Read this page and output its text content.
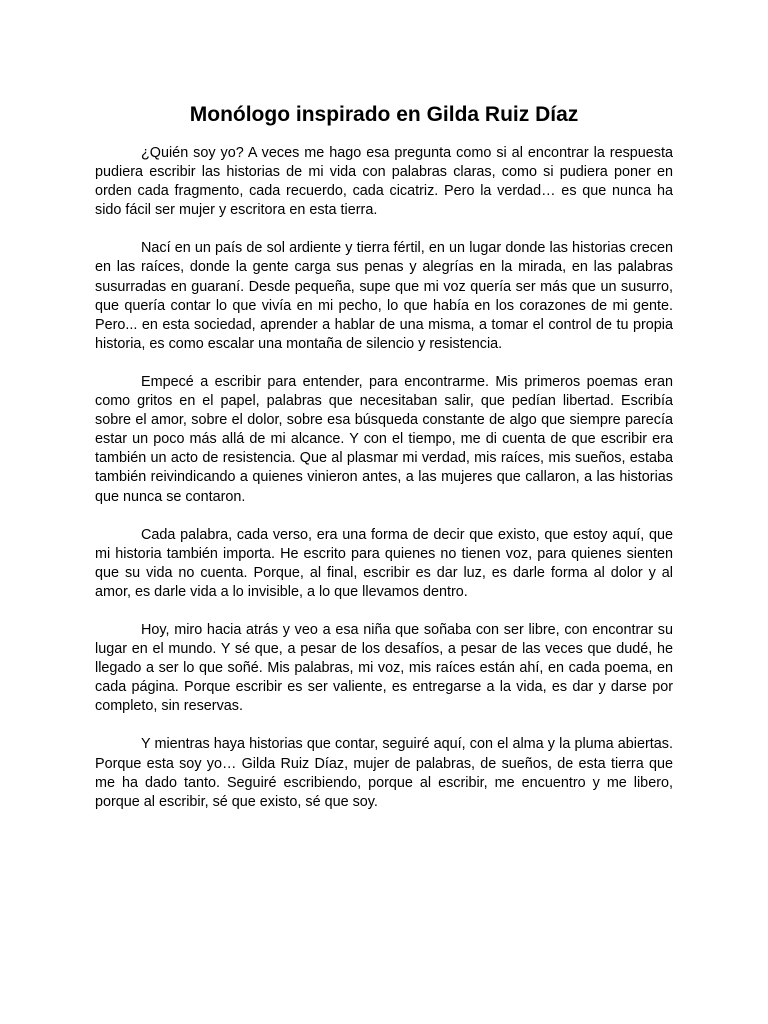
Monólogo inspirado en Gilda Ruiz Díaz

¿Quién soy yo? A veces me hago esa pregunta como si al encontrar la respuesta pudiera escribir las historias de mi vida con palabras claras, como si pudiera poner en orden cada fragmento, cada recuerdo, cada cicatriz. Pero la verdad… es que nunca ha sido fácil ser mujer y escritora en esta tierra.

Nací en un país de sol ardiente y tierra fértil, en un lugar donde las historias crecen en las raíces, donde la gente carga sus penas y alegrías en la mirada, en las palabras susurradas en guaraní. Desde pequeña, supe que mi voz quería ser más que un susurro, que quería contar lo que vivía en mi pecho, lo que había en los corazones de mi gente. Pero... en esta sociedad, aprender a hablar de una misma, a tomar el control de tu propia historia, es como escalar una montaña de silencio y resistencia.

Empecé a escribir para entender, para encontrarme. Mis primeros poemas eran como gritos en el papel, palabras que necesitaban salir, que pedían libertad. Escribía sobre el amor, sobre el dolor, sobre esa búsqueda constante de algo que siempre parecía estar un poco más allá de mi alcance. Y con el tiempo, me di cuenta de que escribir era también un acto de resistencia. Que al plasmar mi verdad, mis raíces, mis sueños, estaba también reivindicando a quienes vinieron antes, a las mujeres que callaron, a las historias que nunca se contaron.

Cada palabra, cada verso, era una forma de decir que existo, que estoy aquí, que mi historia también importa. He escrito para quienes no tienen voz, para quienes sienten que su vida no cuenta. Porque, al final, escribir es dar luz, es darle forma al dolor y al amor, es darle vida a lo invisible, a lo que llevamos dentro.

Hoy, miro hacia atrás y veo a esa niña que soñaba con ser libre, con encontrar su lugar en el mundo. Y sé que, a pesar de los desafíos, a pesar de las veces que dudé, he llegado a ser lo que soñé. Mis palabras, mi voz, mis raíces están ahí, en cada poema, en cada página. Porque escribir es ser valiente, es entregarse a la vida, es dar y darse por completo, sin reservas.

Y mientras haya historias que contar, seguiré aquí, con el alma y la pluma abiertas. Porque esta soy yo… Gilda Ruiz Díaz, mujer de palabras, de sueños, de esta tierra que me ha dado tanto. Seguiré escribiendo, porque al escribir, me encuentro y me libero, porque al escribir, sé que existo, sé que soy.
